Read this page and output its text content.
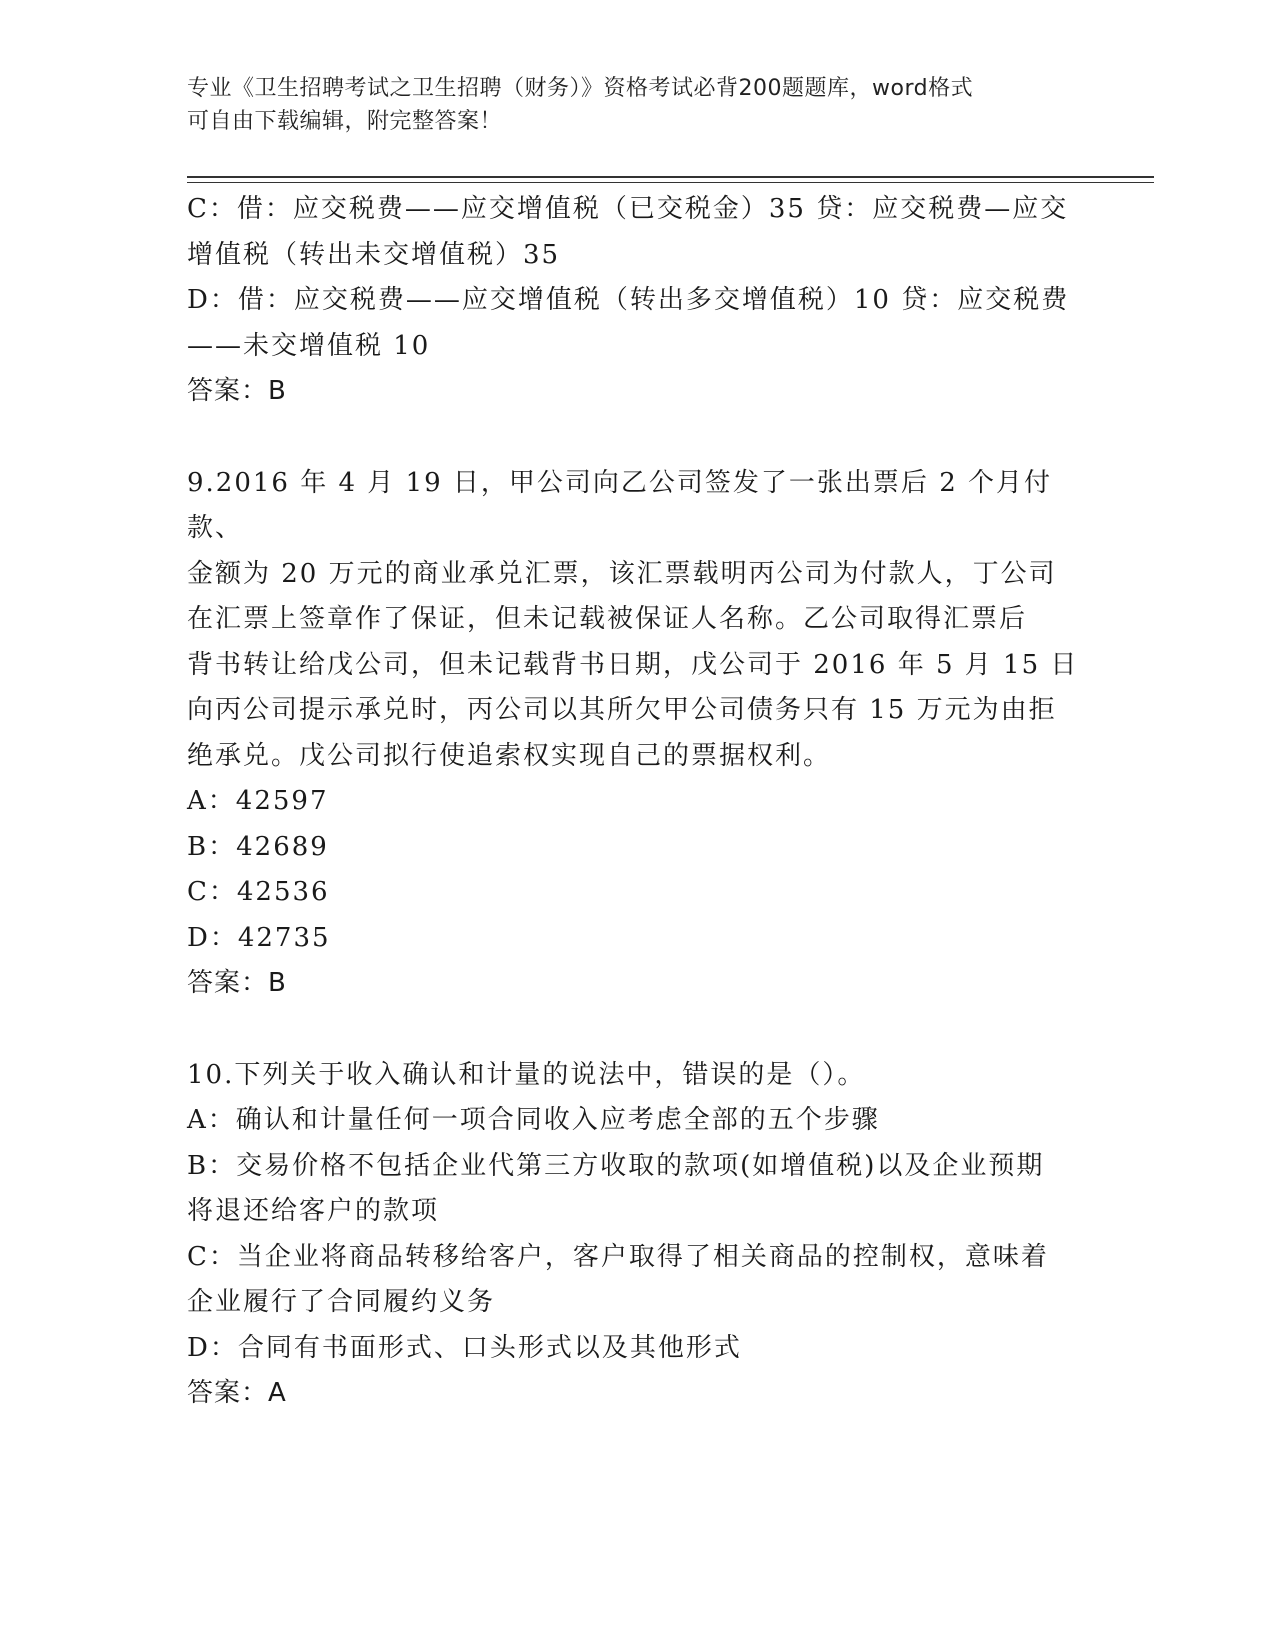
专业《卫生招聘考试之卫生招聘（财务）》资格考试必背200题题库，word格式
可自由下载编辑，附完整答案！
C：借：应交税费——应交增值税（已交税金）35 贷：应交税费—应交
增值税（转出未交增值税）35
D：借：应交税费——应交增值税（转出多交增值税）10 贷：应交税费
——未交增值税 10
答案：B
9.2016 年 4 月 19 日，甲公司向乙公司签发了一张出票后 2 个月付款、
金额为 20 万元的商业承兑汇票，该汇票载明丙公司为付款人，丁公司
在汇票上签章作了保证，但未记载被保证人名称。乙公司取得汇票后
背书转让给戊公司，但未记载背书日期，戊公司于 2016 年 5 月 15 日
向丙公司提示承兑时，丙公司以其所欠甲公司债务只有 15 万元为由拒
绝承兑。戊公司拟行使追索权实现自己的票据权利。
A：42597
B：42689
C：42536
D：42735
答案：B
10.下列关于收入确认和计量的说法中，错误的是（）。
A：确认和计量任何一项合同收入应考虑全部的五个步骤
B：交易价格不包括企业代第三方收取的款项(如增值税)以及企业预期
将退还给客户的款项
C：当企业将商品转移给客户，客户取得了相关商品的控制权，意味着
企业履行了合同履约义务
D：合同有书面形式、口头形式以及其他形式
答案：A
